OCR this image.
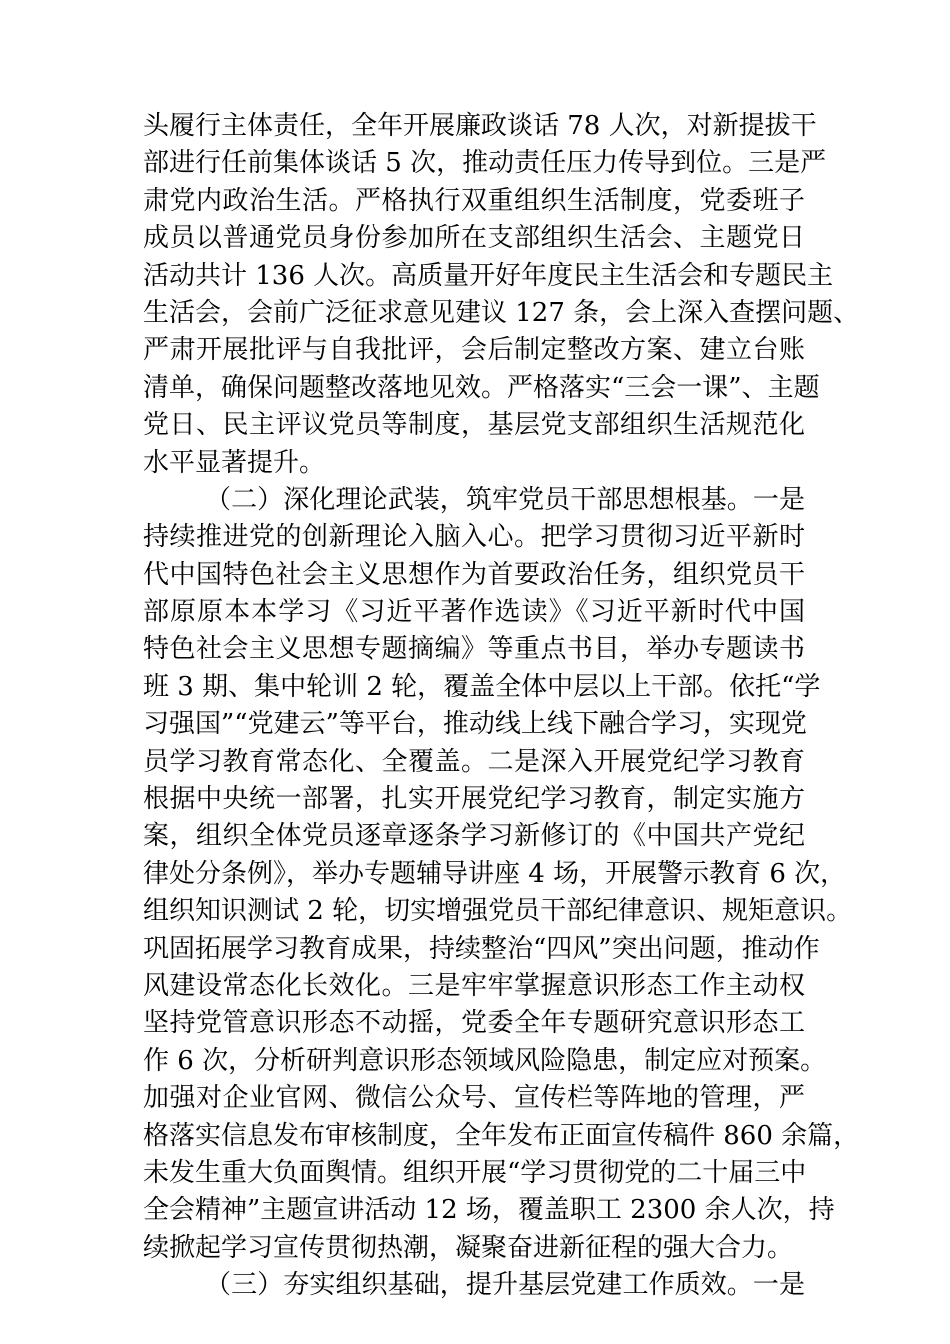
头履行主体责任，全年开展廉政谈话 78 人次，对新提拔干
部进行任前集体谈话 5 次，推动责任压力传导到位。三是严
肃党内政治生活。严格执行双重组织生活制度，党委班子
成员以普通党员身份参加所在支部组织生活会、主题党日
活动共计 136 人次。高质量开好年度民主生活会和专题民主
生活会，会前广泛征求意见建议 127 条，会上深入查摆问题、
严肃开展批评与自我批评，会后制定整改方案、建立台账
清单，确保问题整改落地见效。严格落实“三会一课”、主题
党日、民主评议党员等制度，基层党支部组织生活规范化
水平显著提升。
（二）深化理论武装，筑牢党员干部思想根基。一是
持续推进党的创新理论入脑入心。把学习贯彻习近平新时
代中国特色社会主义思想作为首要政治任务，组织党员干
部原原本本学习《习近平著作选读》《习近平新时代中国
特色社会主义思想专题摘编》等重点书目，举办专题读书
班 3 期、集中轮训 2 轮，覆盖全体中层以上干部。依托“学
习强国”“党建云”等平台，推动线上线下融合学习，实现党
员学习教育常态化、全覆盖。二是深入开展党纪学习教育
根据中央统一部署，扎实开展党纪学习教育，制定实施方
案，组织全体党员逐章逐条学习新修订的《中国共产党纪
律处分条例》，举办专题辅导讲座 4 场，开展警示教育 6 次，
组织知识测试 2 轮，切实增强党员干部纪律意识、规矩意识。
巩固拓展学习教育成果，持续整治“四风”突出问题，推动作
风建设常态化长效化。三是牢牢掌握意识形态工作主动权
坚持党管意识形态不动摇，党委全年专题研究意识形态工
作 6 次，分析研判意识形态领域风险隐患，制定应对预案。
加强对企业官网、微信公众号、宣传栏等阵地的管理，严
格落实信息发布审核制度，全年发布正面宣传稿件 860 余篇，
未发生重大负面舆情。组织开展“学习贯彻党的二十届三中
全会精神”主题宣讲活动 12 场，覆盖职工 2300 余人次，持
续掀起学习宣传贯彻热潮，凝聚奋进新征程的强大合力。
（三）夯实组织基础，提升基层党建工作质效。一是
